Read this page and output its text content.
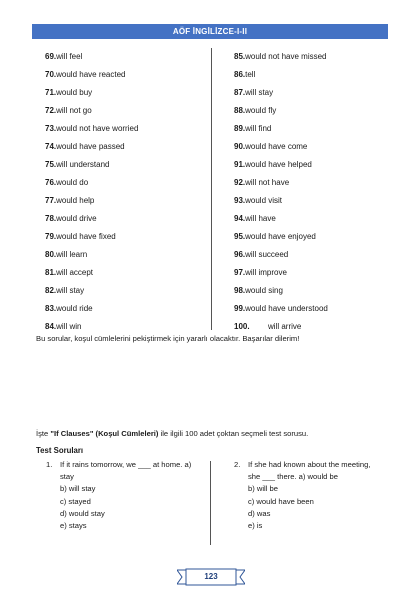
AÖF İNGİLİZCE-I-II
69.will feel
70.would have reacted
71.would buy
72.will not go
73.would not have worried
74.would have passed
75.will understand
76.would do
77.would help
78.would drive
79.would have fixed
80.will learn
81.will accept
82.will stay
83.would ride
84.will win
85.would not have missed
86.tell
87.will stay
88.would fly
89.will find
90.would have come
91.would have helped
92.will not have
93.would visit
94.will have
95.would have enjoyed
96.will succeed
97.will improve
98.would sing
99.would have understood
100. will arrive
Bu sorular, koşul cümlelerini pekiştirmek için yararlı olacaktır. Başarılar dilerim!
İşte "If Clauses" (Koşul Cümleleri) ile ilgili 100 adet çoktan seçmeli test sorusu.
Test Soruları
1.	If it rains tomorrow, we ___ at home. a) stay
b) will stay
c) stayed
d) would stay
e) stays
2.	If she had known about the meeting, she ___ there. a) would be
b) will be
c) would have been
d) was
e) is
123
